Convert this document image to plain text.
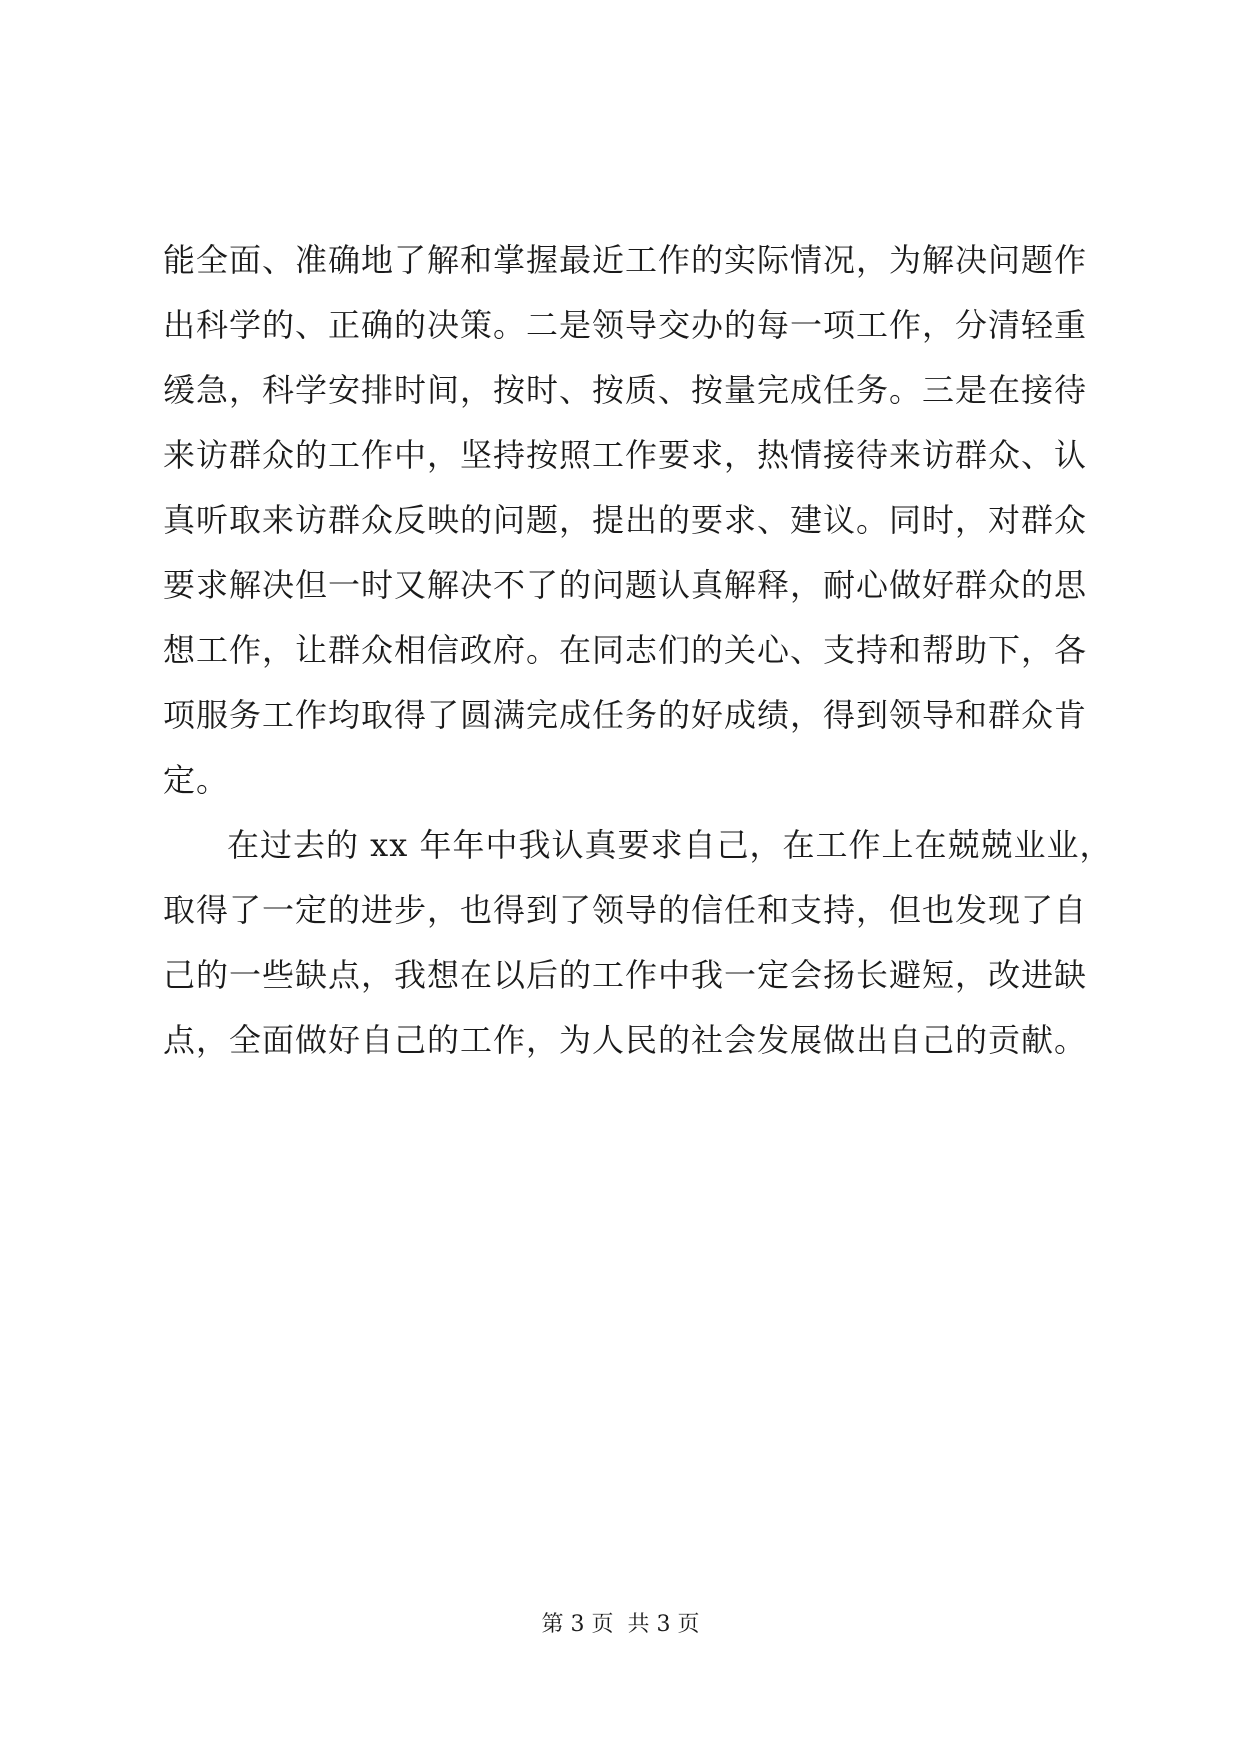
能全面、准确地了解和掌握最近工作的实际情况，为解决问题作
出科学的、正确的决策。二是领导交办的每一项工作，分清轻重
缓急，科学安排时间，按时、按质、按量完成任务。三是在接待
来访群众的工作中，坚持按照工作要求，热情接待来访群众、认
真听取来访群众反映的问题，提出的要求、建议。同时，对群众
要求解决但一时又解决不了的问题认真解释，耐心做好群众的思
想工作，让群众相信政府。在同志们的关心、支持和帮助下，各
项服务工作均取得了圆满完成任务的好成绩，得到领导和群众肯
定。
在过去的 xx 年年中我认真要求自己，在工作上在兢兢业业，
取得了一定的进步，也得到了领导的信任和支持，但也发现了自
己的一些缺点，我想在以后的工作中我一定会扬长避短，改进缺
点，全面做好自己的工作，为人民的社会发展做出自己的贡献。
第 3 页 共 3 页
